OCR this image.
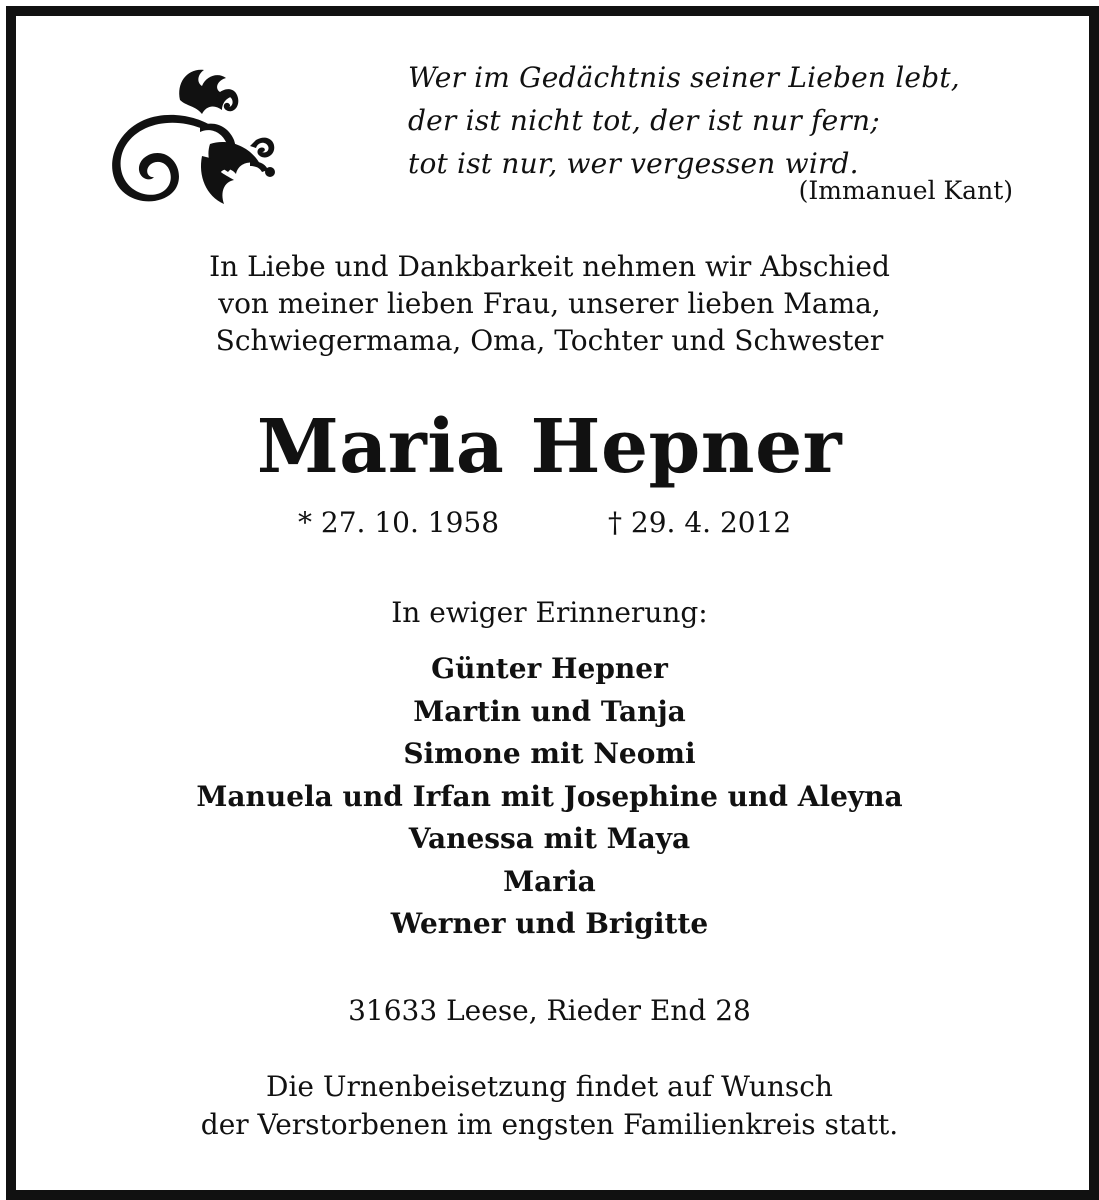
Wer im Gedächtnis seiner Lieben lebt,
der ist nicht tot, der ist nur fern;
tot ist nur, wer vergessen wird.
(Immanuel Kant)
In Liebe und Dankbarkeit nehmen wir Abschied
von meiner lieben Frau, unserer lieben Mama,
Schwiegermama, Oma, Tochter und Schwester
Maria Hepner
* 27. 10. 1958	† 29. 4. 2012
In ewiger Erinnerung:
Günter Hepner
Martin und Tanja
Simone mit Neomi
Manuela und Irfan mit Josephine und Aleyna
Vanessa mit Maya
Maria
Werner und Brigitte
31633 Leese, Rieder End 28
Die Urnenbeisetzung findet auf Wunsch
der Verstorbenen im engsten Familienkreis statt.
